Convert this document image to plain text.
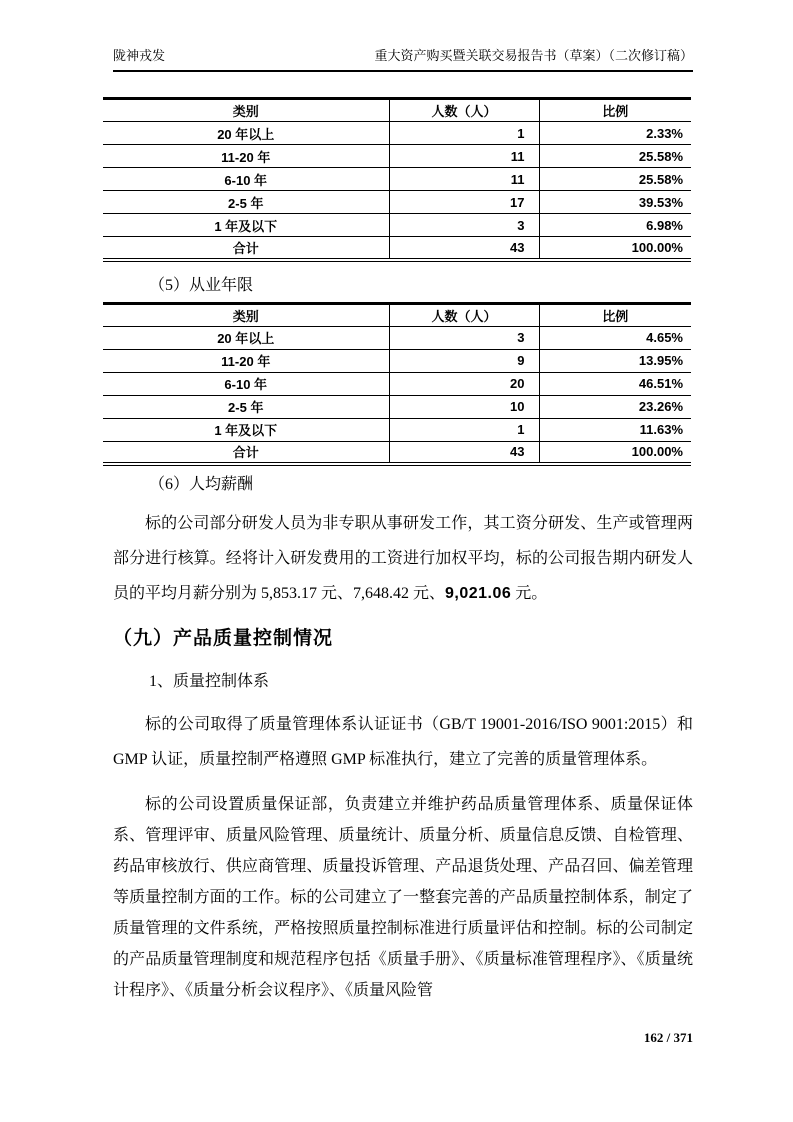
陇神戎发	重大资产购买暨关联交易报告书（草案）（二次修订稿）
类别	人数（人）	比例
20 年以上	1	2.33%
11-20 年	11	25.58%
6-10 年	11	25.58%
2-5 年	17	39.53%
1 年及以下	3	6.98%
合计	43	100.00%
（5）从业年限
类别	人数（人）	比例
20 年以上	3	4.65%
11-20 年	9	13.95%
6-10 年	20	46.51%
2-5 年	10	23.26%
1 年及以下	1	11.63%
合计	43	100.00%
（6）人均薪酬

标的公司部分研发人员为非专职从事研发工作，其工资分研发、生产或管理两部分进行核算。经将计入研发费用的工资进行加权平均，标的公司报告期内研发人员的平均月薪分别为 5,853.17 元、7,648.42 元、9,021.06 元。

（九）产品质量控制情况
1、质量控制体系

标的公司取得了质量管理体系认证证书（GB/T 19001-2016/ISO 9001:2015）和 GMP 认证，质量控制严格遵照 GMP 标准执行，建立了完善的质量管理体系。

标的公司设置质量保证部，负责建立并维护药品质量管理体系、质量保证体系、管理评审、质量风险管理、质量统计、质量分析、质量信息反馈、自检管理、药品审核放行、供应商管理、质量投诉管理、产品退货处理、产品召回、偏差管理等质量控制方面的工作。标的公司建立了一整套完善的产品质量控制体系，制定了质量管理的文件系统，严格按照质量控制标准进行质量评估和控制。标的公司制定的产品质量管理制度和规范程序包括《质量手册》、《质量标准管理程序》、《质量统计程序》、《质量分析会议程序》、《质量风险管

162 / 371
